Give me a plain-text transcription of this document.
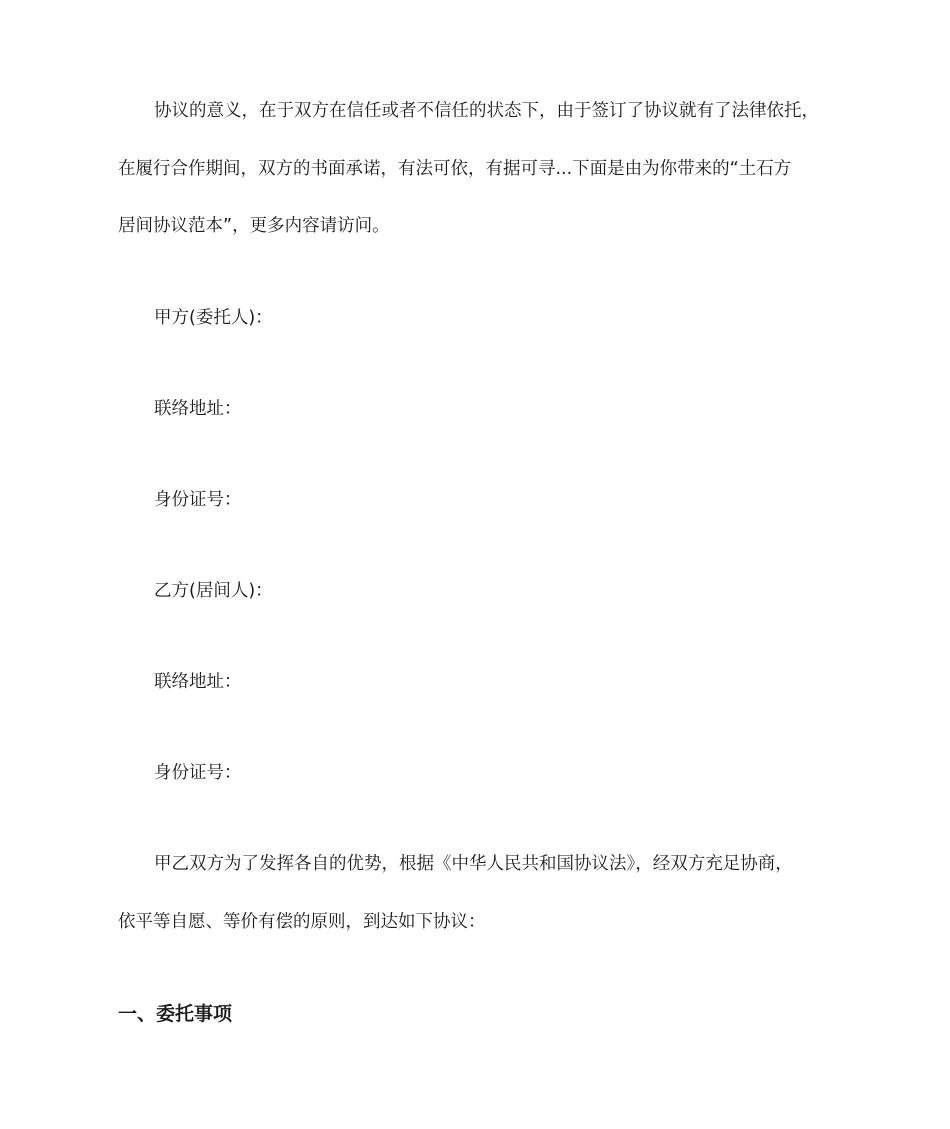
协议的意义，在于双方在信任或者不信任的状态下，由于签订了协议就有了法律依托，

在履行合作期间，双方的书面承诺，有法可依，有据可寻...下面是由为你带来的“土石方

居间协议范本”，更多内容请访问。

甲方(委托人)：

联络地址：

身份证号：

乙方(居间人)：

联络地址：

身份证号：

甲乙双方为了发挥各自的优势，根据《中华人民共和国协议法》，经双方充足协商，

依平等自愿、等价有偿的原则，到达如下协议：

一、委托事项
